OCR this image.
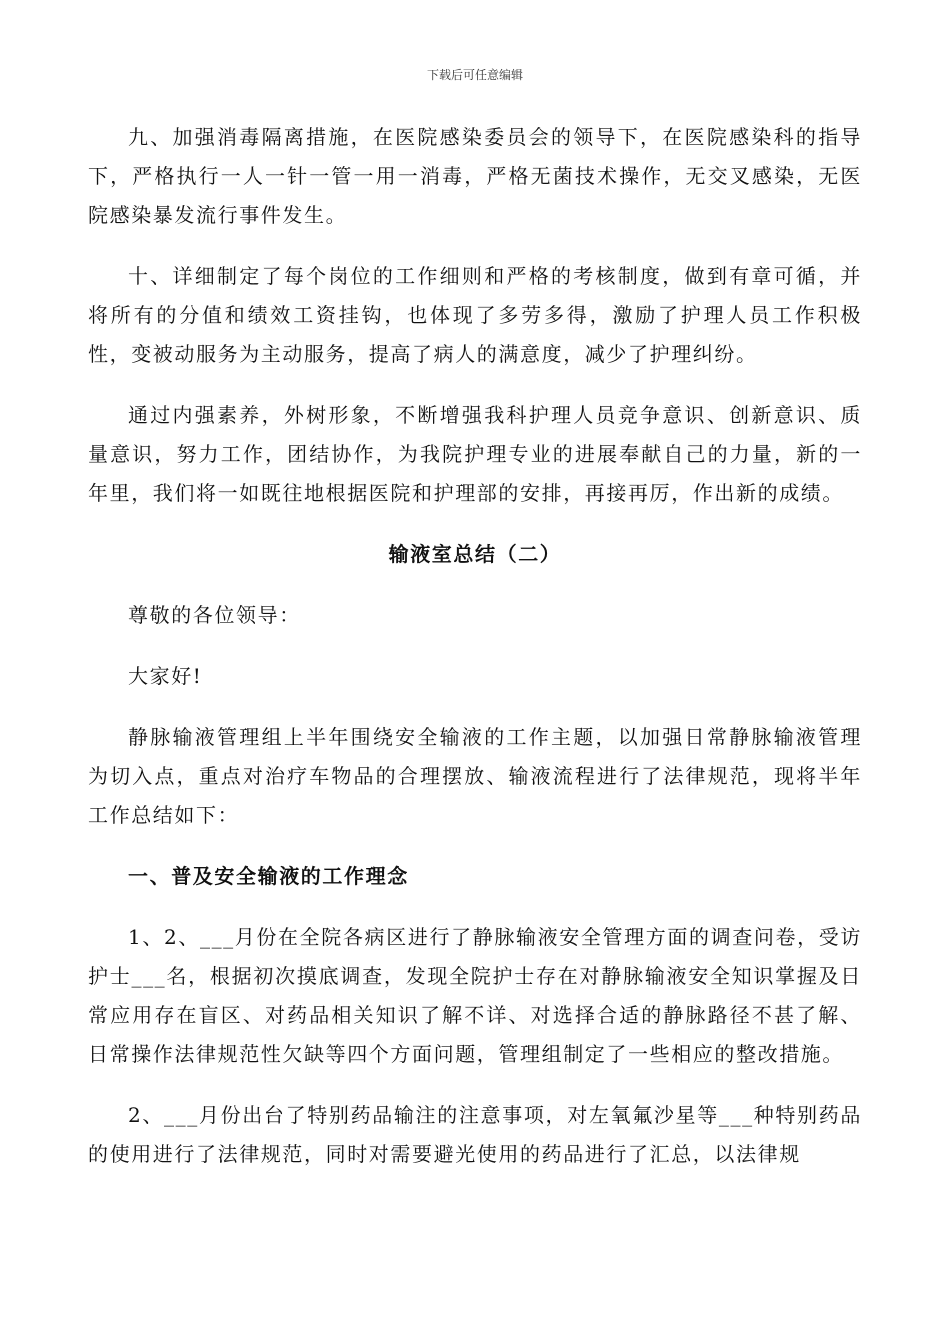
下载后可任意编辑

九、加强消毒隔离措施，在医院感染委员会的领导下，在医院感染科的指导下，严格执行一人一针一管一用一消毒，严格无菌技术操作，无交叉感染，无医院感染暴发流行事件发生。

十、详细制定了每个岗位的工作细则和严格的考核制度，做到有章可循，并将所有的分值和绩效工资挂钩，也体现了多劳多得，激励了护理人员工作积极性，变被动服务为主动服务，提高了病人的满意度，减少了护理纠纷。

通过内强素养，外树形象，不断增强我科护理人员竞争意识、创新意识、质量意识，努力工作，团结协作，为我院护理专业的进展奉献自己的力量，新的一年里，我们将一如既往地根据医院和护理部的安排，再接再厉，作出新的成绩。

输液室总结（二）

尊敬的各位领导：

大家好!

静脉输液管理组上半年围绕安全输液的工作主题，以加强日常静脉输液管理为切入点，重点对治疗车物品的合理摆放、输液流程进行了法律规范，现将半年工作总结如下：

一、普及安全输液的工作理念

1、2、___月份在全院各病区进行了静脉输液安全管理方面的调查问卷，受访护士___名，根据初次摸底调查，发现全院护士存在对静脉输液安全知识掌握及日常应用存在盲区、对药品相关知识了解不详、对选择合适的静脉路径不甚了解、日常操作法律规范性欠缺等四个方面问题，管理组制定了一些相应的整改措施。

2、___月份出台了特别药品输注的注意事项，对左氧氟沙星等___种特别药品的使用进行了法律规范，同时对需要避光使用的药品进行了汇总，以法律规
